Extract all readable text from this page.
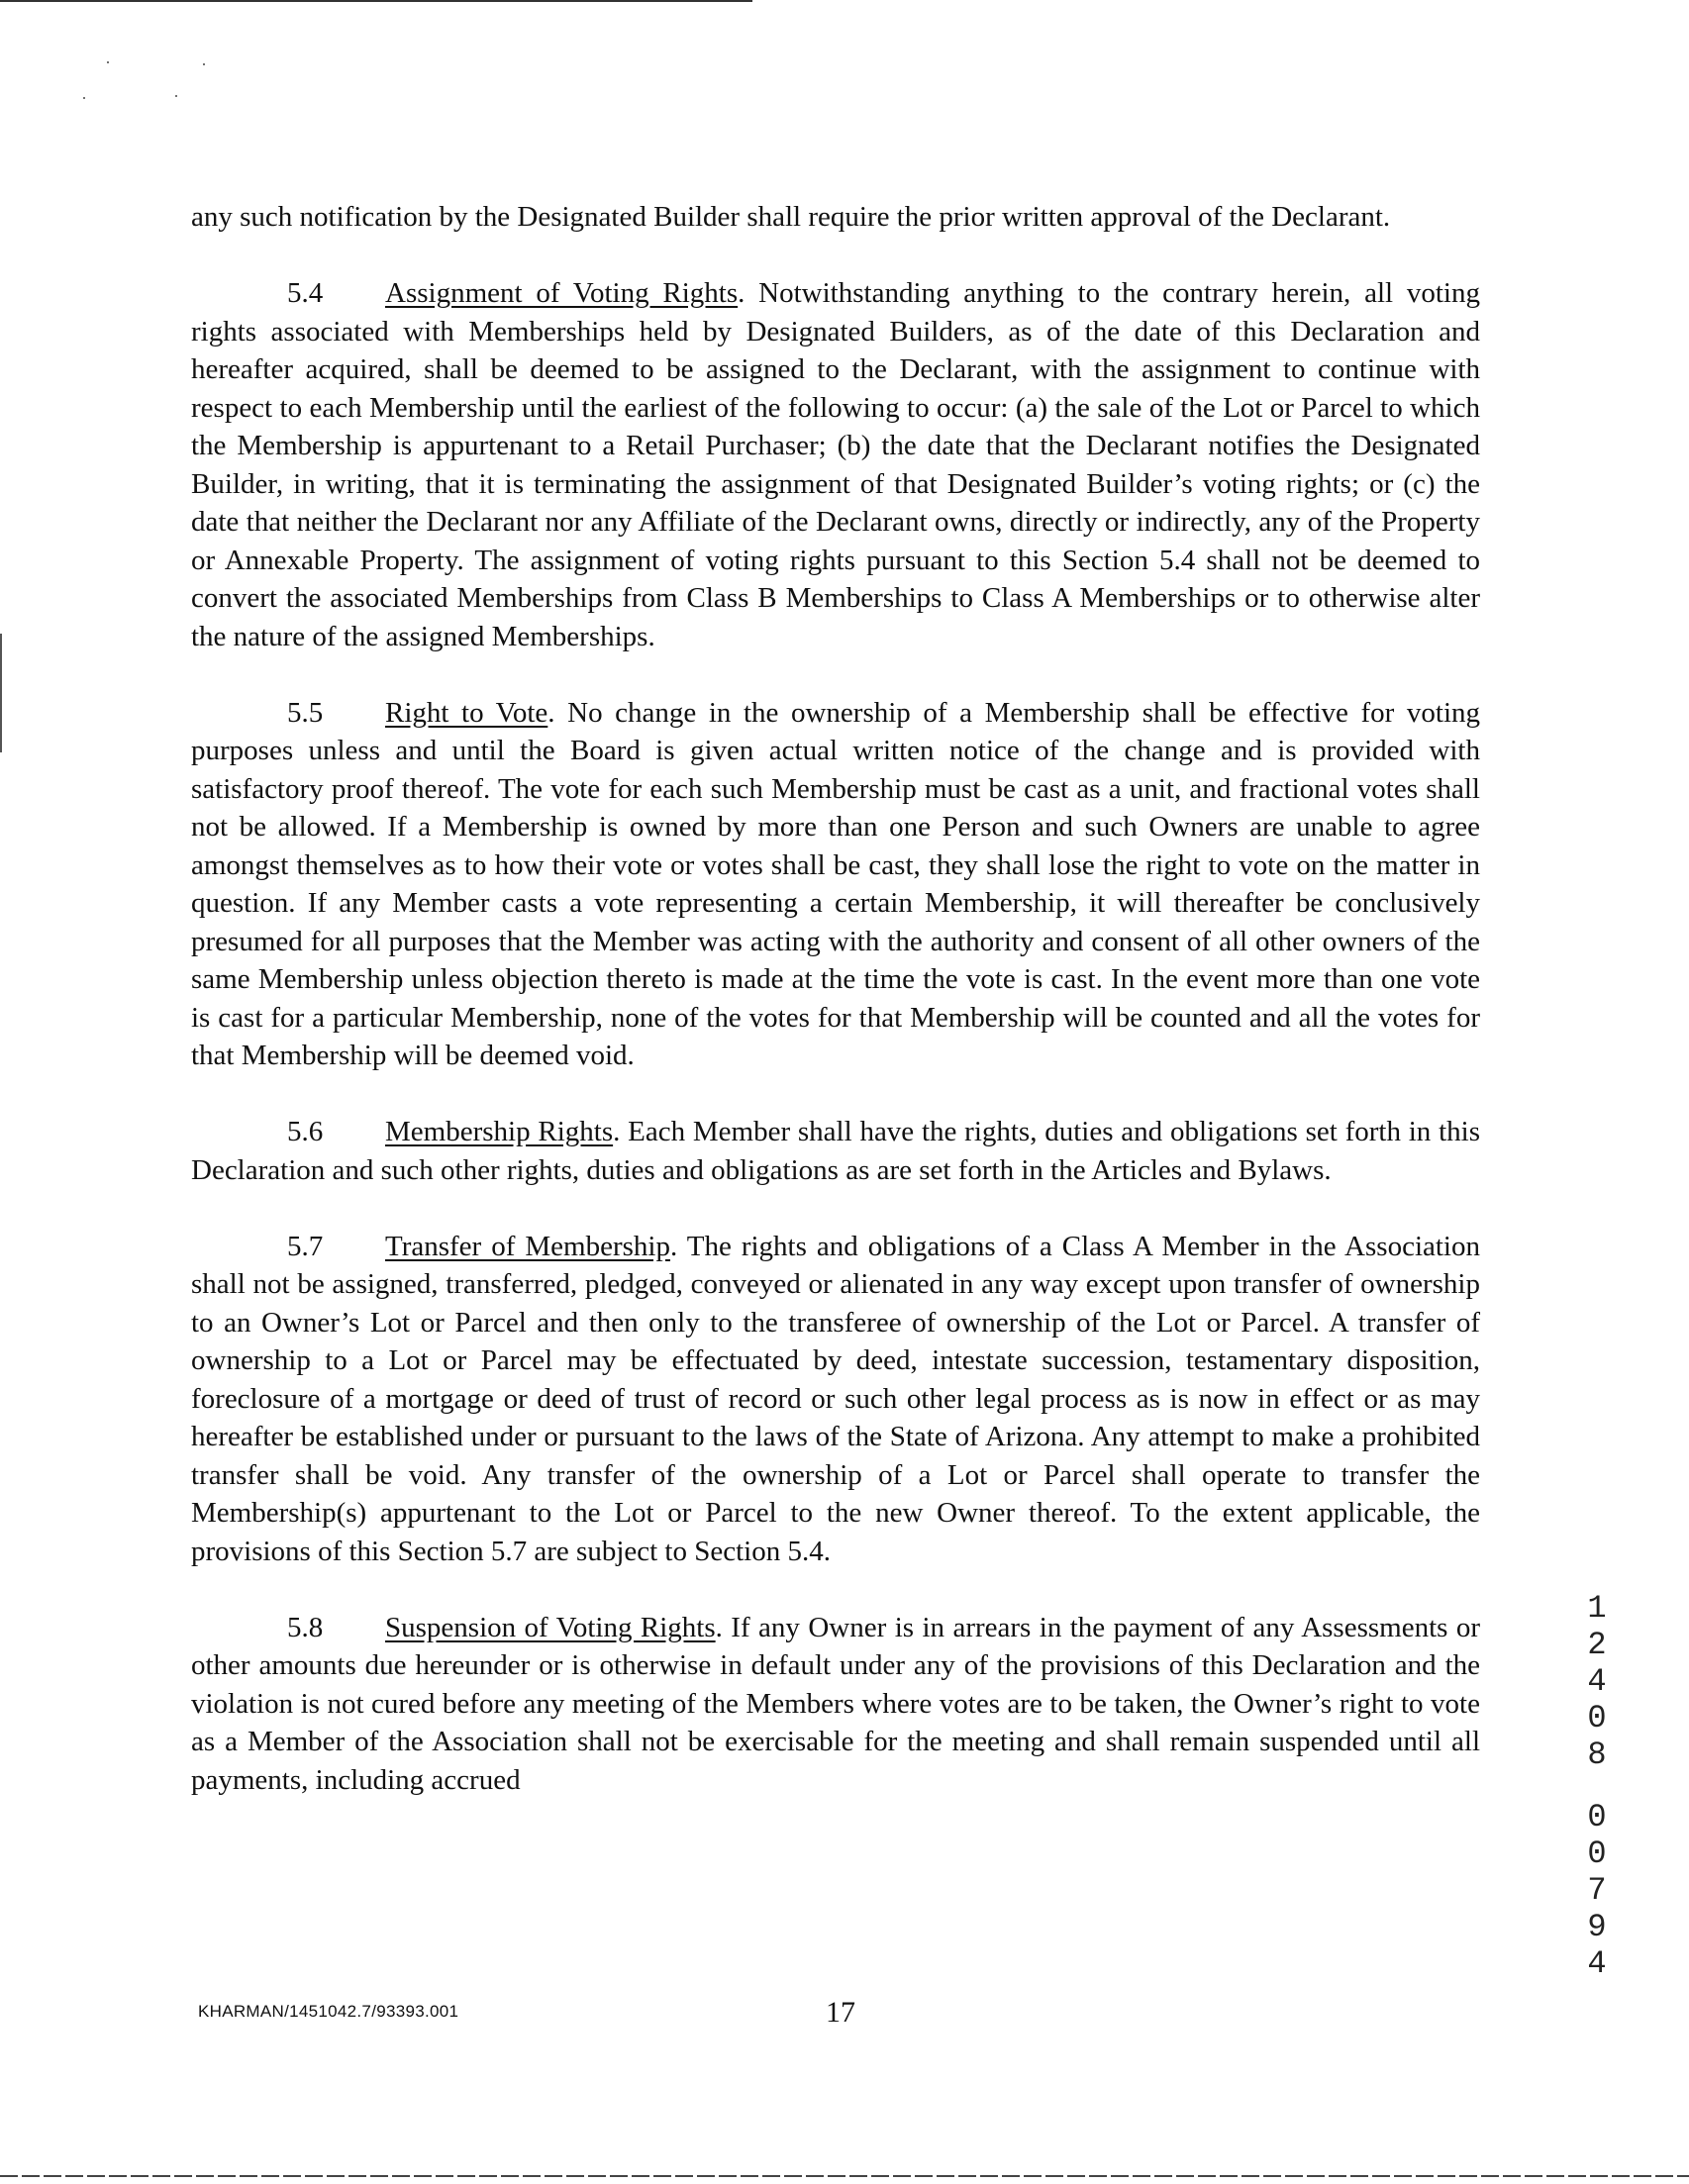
any such notification by the Designated Builder shall require the prior written approval of the Declarant.

5.4 Assignment of Voting Rights. Notwithstanding anything to the contrary herein, all voting rights associated with Memberships held by Designated Builders, as of the date of this Declaration and hereafter acquired, shall be deemed to be assigned to the Declarant, with the assignment to continue with respect to each Membership until the earliest of the following to occur: (a) the sale of the Lot or Parcel to which the Membership is appurtenant to a Retail Purchaser; (b) the date that the Declarant notifies the Designated Builder, in writing, that it is terminating the assignment of that Designated Builder’s voting rights; or (c) the date that neither the Declarant nor any Affiliate of the Declarant owns, directly or indirectly, any of the Property or Annexable Property. The assignment of voting rights pursuant to this Section 5.4 shall not be deemed to convert the associated Memberships from Class B Memberships to Class A Memberships or to otherwise alter the nature of the assigned Memberships.

5.5 Right to Vote. No change in the ownership of a Membership shall be effective for voting purposes unless and until the Board is given actual written notice of the change and is provided with satisfactory proof thereof. The vote for each such Membership must be cast as a unit, and fractional votes shall not be allowed. If a Membership is owned by more than one Person and such Owners are unable to agree amongst themselves as to how their vote or votes shall be cast, they shall lose the right to vote on the matter in question. If any Member casts a vote representing a certain Membership, it will thereafter be conclusively presumed for all purposes that the Member was acting with the authority and consent of all other owners of the same Membership unless objection thereto is made at the time the vote is cast. In the event more than one vote is cast for a particular Membership, none of the votes for that Membership will be counted and all the votes for that Membership will be deemed void.

5.6 Membership Rights. Each Member shall have the rights, duties and obligations set forth in this Declaration and such other rights, duties and obligations as are set forth in the Articles and Bylaws.

5.7 Transfer of Membership. The rights and obligations of a Class A Member in the Association shall not be assigned, transferred, pledged, conveyed or alienated in any way except upon transfer of ownership to an Owner’s Lot or Parcel and then only to the transferee of ownership of the Lot or Parcel. A transfer of ownership to a Lot or Parcel may be effectuated by deed, intestate succession, testamentary disposition, foreclosure of a mortgage or deed of trust of record or such other legal process as is now in effect or as may hereafter be established under or pursuant to the laws of the State of Arizona. Any attempt to make a prohibited transfer shall be void. Any transfer of the ownership of a Lot or Parcel shall operate to transfer the Membership(s) appurtenant to the Lot or Parcel to the new Owner thereof. To the extent applicable, the provisions of this Section 5.7 are subject to Section 5.4.

5.8 Suspension of Voting Rights. If any Owner is in arrears in the payment of any Assessments or other amounts due hereunder or is otherwise in default under any of the provisions of this Declaration and the violation is not cured before any meeting of the Members where votes are to be taken, the Owner’s right to vote as a Member of the Association shall not be exercisable for the meeting and shall remain suspended until all payments, including accrued

1
2
4
0
8
0
0
7
9
4
KHARMAN/1451042.7/93393.001	17
